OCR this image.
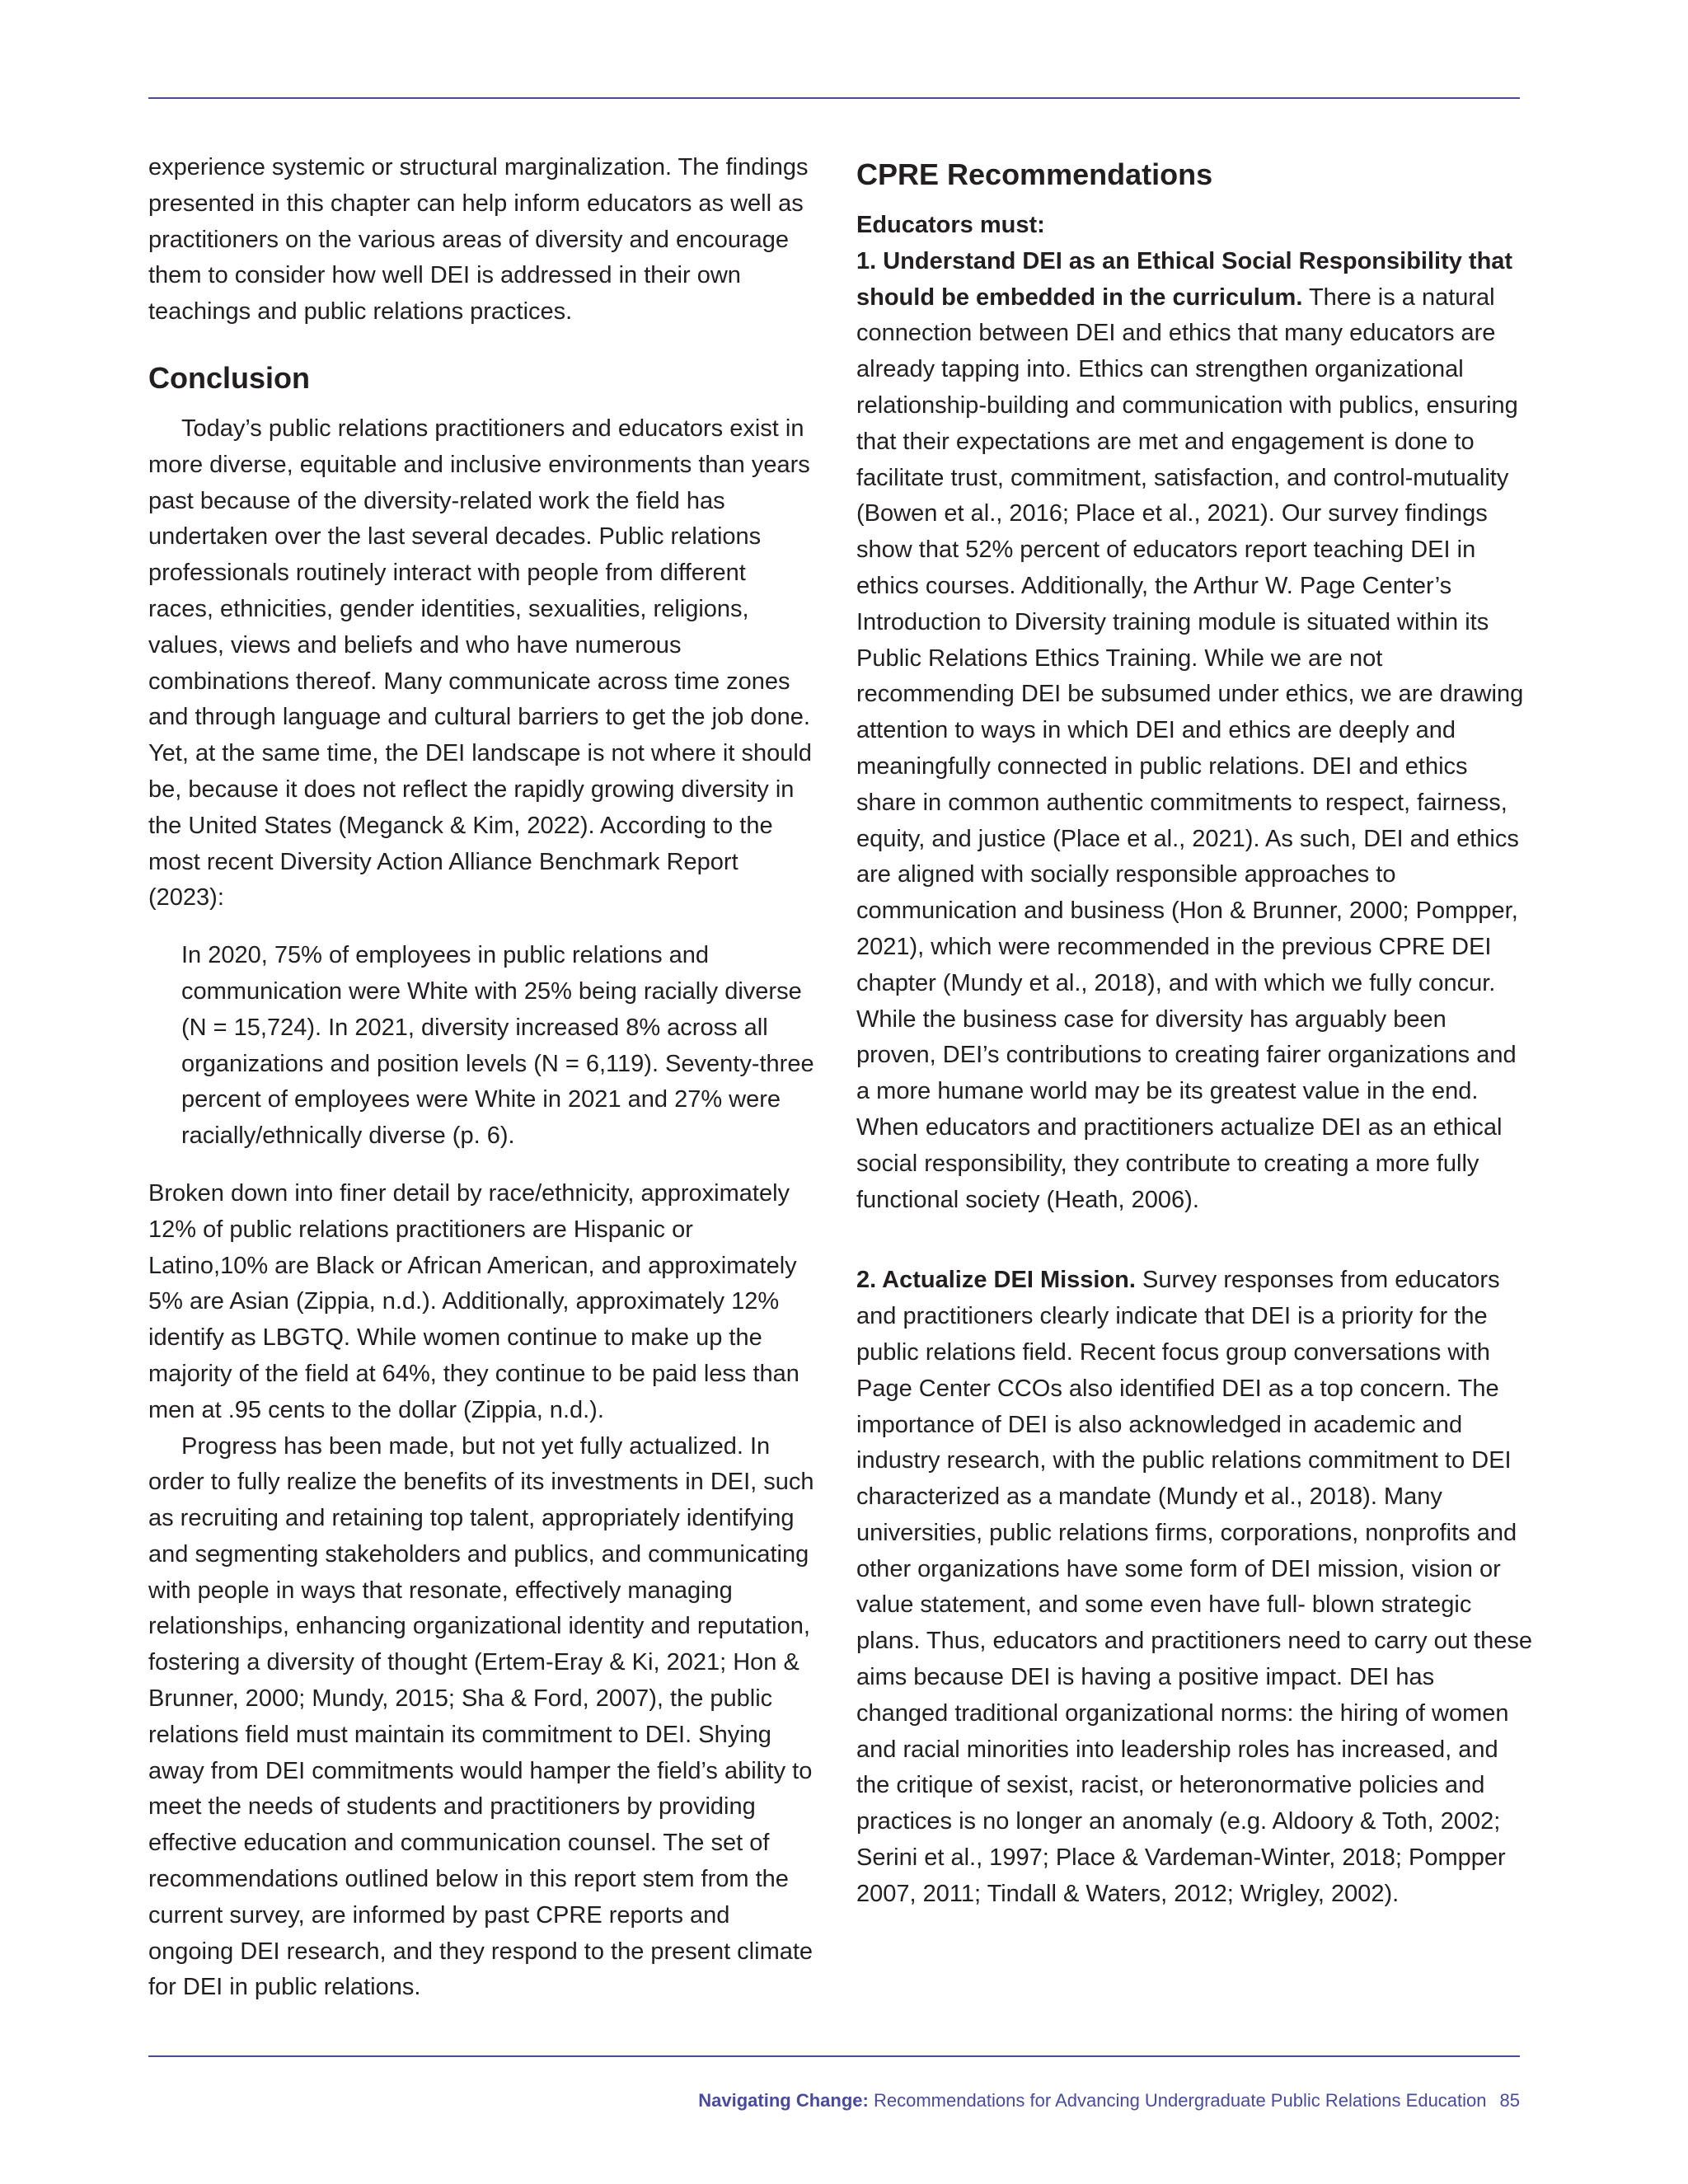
experience systemic or structural marginalization. The findings presented in this chapter can help inform educators as well as practitioners on the various areas of diversity and encourage them to consider how well DEI is addressed in their own teachings and public relations practices.

Conclusion

Today’s public relations practitioners and educators exist in more diverse, equitable and inclusive environments than years past because of the diversity-related work the field has undertaken over the last several decades. Public relations professionals routinely interact with people from different races, ethnicities, gender identities, sexualities, religions, values, views and beliefs and who have numerous combinations thereof. Many communicate across time zones and through language and cultural barriers to get the job done. Yet, at the same time, the DEI landscape is not where it should be, because it does not reflect the rapidly growing diversity in the United States (Meganck & Kim, 2022). According to the most recent Diversity Action Alliance Benchmark Report (2023):

In 2020, 75% of employees in public relations and communication were White with 25% being racially diverse (N = 15,724). In 2021, diversity increased 8% across all organizations and position levels (N = 6,119). Seventy-three percent of employees were White in 2021 and 27% were racially/ethnically diverse (p. 6).

Broken down into finer detail by race/ethnicity, approximately 12% of public relations practitioners are Hispanic or Latino,10% are Black or African American, and approximately 5% are Asian (Zippia, n.d.). Additionally, approximately 12% identify as LBGTQ. While women continue to make up the majority of the field at 64%, they continue to be paid less than men at .95 cents to the dollar (Zippia, n.d.).

Progress has been made, but not yet fully actualized. In order to fully realize the benefits of its investments in DEI, such as recruiting and retaining top talent, appropriately identifying and segmenting stakeholders and publics, and communicating with people in ways that resonate, effectively managing relationships, enhancing organizational identity and reputation, fostering a diversity of thought (Ertem-Eray & Ki, 2021; Hon & Brunner, 2000; Mundy, 2015; Sha & Ford, 2007), the public relations field must maintain its commitment to DEI. Shying away from DEI commitments would hamper the field’s ability to meet the needs of students and practitioners by providing effective education and communication counsel. The set of recommendations outlined below in this report stem from the current survey, are informed by past CPRE reports and ongoing DEI research, and they respond to the present climate for DEI in public relations.

CPRE Recommendations

Educators must:

1. Understand DEI as an Ethical Social Responsibility that should be embedded in the curriculum. There is a natural connection between DEI and ethics that many educators are already tapping into. Ethics can strengthen organizational relationship-building and communication with publics, ensuring that their expectations are met and engagement is done to facilitate trust, commitment, satisfaction, and control-mutuality (Bowen et al., 2016; Place et al., 2021). Our survey findings show that 52% percent of educators report teaching DEI in ethics courses. Additionally, the Arthur W. Page Center’s Introduction to Diversity training module is situated within its Public Relations Ethics Training. While we are not recommending DEI be subsumed under ethics, we are drawing attention to ways in which DEI and ethics are deeply and meaningfully connected in public relations. DEI and ethics share in common authentic commitments to respect, fairness, equity, and justice (Place et al., 2021). As such, DEI and ethics are aligned with socially responsible approaches to communication and business (Hon & Brunner, 2000; Pompper, 2021), which were recommended in the previous CPRE DEI chapter (Mundy et al., 2018), and with which we fully concur. While the business case for diversity has arguably been proven, DEI’s contributions to creating fairer organizations and a more humane world may be its greatest value in the end. When educators and practitioners actualize DEI as an ethical social responsibility, they contribute to creating a more fully functional society (Heath, 2006).

2. Actualize DEI Mission. Survey responses from educators and practitioners clearly indicate that DEI is a priority for the public relations field. Recent focus group conversations with Page Center CCOs also identified DEI as a top concern. The importance of DEI is also acknowledged in academic and industry research, with the public relations commitment to DEI characterized as a mandate (Mundy et al., 2018). Many universities, public relations firms, corporations, nonprofits and other organizations have some form of DEI mission, vision or value statement, and some even have full- blown strategic plans. Thus, educators and practitioners need to carry out these aims because DEI is having a positive impact. DEI has changed traditional organizational norms: the hiring of women and racial minorities into leadership roles has increased, and the critique of sexist, racist, or heteronormative policies and practices is no longer an anomaly (e.g. Aldoory & Toth, 2002; Serini et al., 1997; Place & Vardeman-Winter, 2018; Pompper 2007, 2011; Tindall & Waters, 2012; Wrigley, 2002).

Navigating Change: Recommendations for Advancing Undergraduate Public Relations Education 85
